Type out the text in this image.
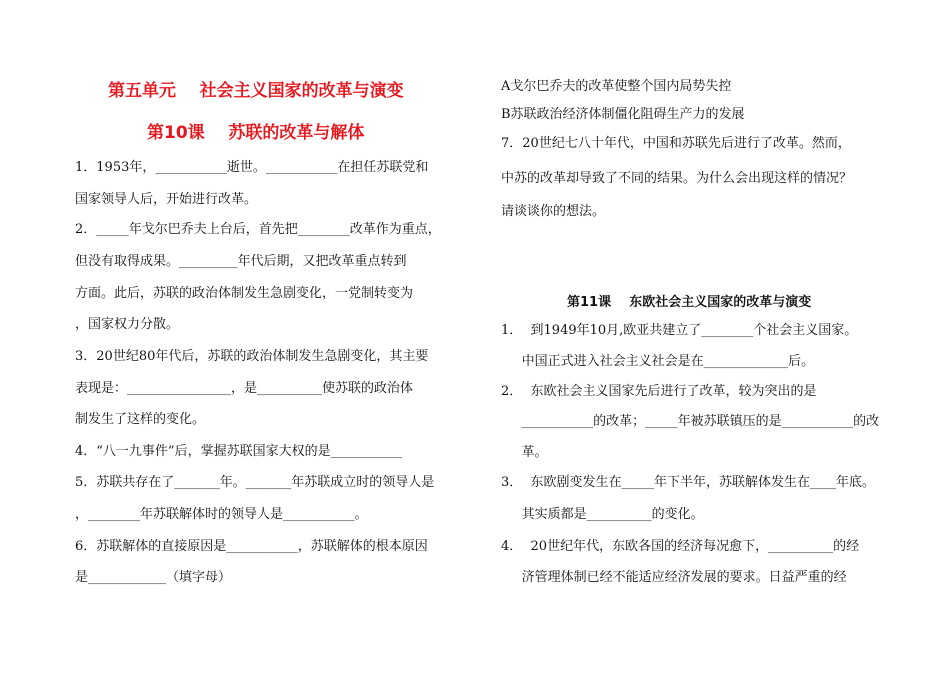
第五单元    社会主义国家的改革与演变
第10课    苏联的改革与解体
1．1953年，___________逝世。___________在担任苏联党和
国家领导人后，开始进行改革。
2．_____年戈尔巴乔夫上台后，首先把________改革作为重点，
但没有取得成果。_________年代后期，又把改革重点转到
方面。此后，苏联的政治体制发生急剧变化，一党制转变为
，国家权力分散。
3．20世纪80年代后，苏联的政治体制发生急剧变化，其主要
表现是：________________，是__________使苏联的政治体
制发生了这样的变化。
4．“八一九事件”后，掌握苏联国家大权的是___________
5．苏联共存在了_______年。_______年苏联成立时的领导人是
，________年苏联解体时的领导人是___________。
6．苏联解体的直接原因是___________，苏联解体的根本原因
是____________（填字母）
A戈尔巴乔夫的改革使整个国内局势失控
B苏联政治经济体制僵化阻碍生产力的发展
7．20世纪七八十年代，中国和苏联先后进行了改革。然而，
中苏的改革却导致了不同的结果。为什么会出现这样的情况？
请谈谈你的想法。
第11课    东欧社会主义国家的改革与演变
1．  到1949年10月,欧亚共建立了________个社会主义国家。
中国正式进入社会主义社会是在_____________后。
2．  东欧社会主义国家先后进行了改革，较为突出的是
___________的改革；_____年被苏联镇压的是___________的改
革。
3．  东欧剧变发生在_____年下半年，苏联解体发生在____年底。
其实质都是__________的变化。
4．  20世纪年代，东欧各国的经济每况愈下，__________的经
济管理体制已经不能适应经济发展的要求。日益严重的经
